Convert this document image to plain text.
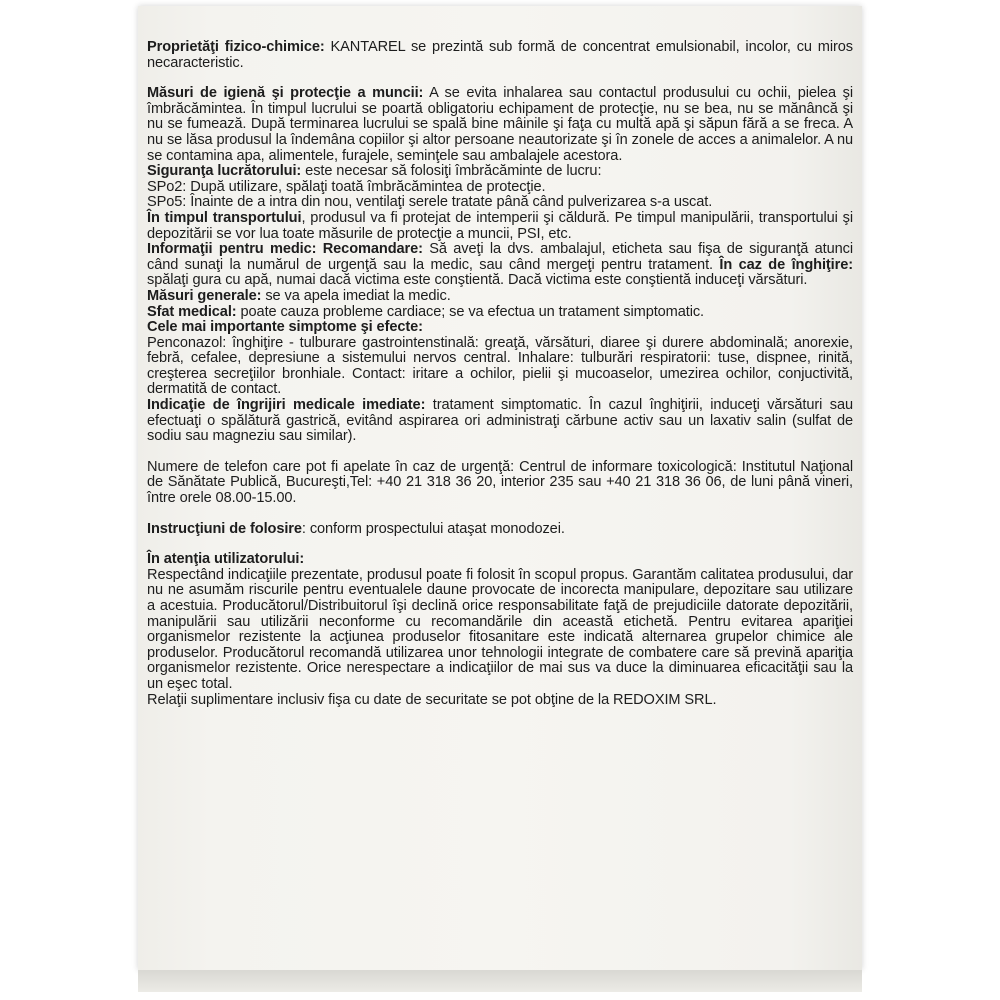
Proprietăţi fizico-chimice: KANTAREL se prezintă sub formă de concentrat emulsionabil, incolor, cu miros necaracteristic.

Măsuri de igienă şi protecţie a muncii: A se evita inhalarea sau contactul produsului cu ochii, pielea şi îmbrăcămintea. În timpul lucrului se poartă obligatoriu echipament de protecţie, nu se bea, nu se mănâncă şi nu se fumează. După terminarea lucrului se spală bine mâinile şi faţa cu multă apă şi săpun fără a se freca. A nu se lăsa produsul la îndemâna copiilor şi altor persoane neautorizate şi în zonele de acces a animalelor. A nu se contamina apa, alimentele, furajele, seminţele sau ambalajele acestora.

Siguranţa lucrătorului: este necesar să folosiţi îmbrăcăminte de lucru:

SPo2: După utilizare, spălaţi toată îmbrăcămintea de protecţie.

SPo5: Înainte de a intra din nou, ventilaţi serele tratate până când pulverizarea s-a uscat.

În timpul transportului, produsul va fi protejat de intemperii şi căldură. Pe timpul manipulării, transportului şi depozitării se vor lua toate măsurile de protecţie a muncii, PSI, etc.

Informaţii pentru medic: Recomandare: Să aveţi la dvs. ambalajul, eticheta sau fişa de siguranţă atunci când sunaţi la numărul de urgenţă sau la medic, sau când mergeţi pentru tratament. În caz de înghiţire: spălaţi gura cu apă, numai dacă victima este conştientă. Dacă victima este conştientă induceţi vărsături.

Măsuri generale: se va apela imediat la medic.

Sfat medical: poate cauza probleme cardiace; se va efectua un tratament simptomatic.

Cele mai importante simptome şi efecte:

Penconazol: înghiţire - tulburare gastrointenstinală: greaţă, vărsături, diaree şi durere abdominală; anorexie, febră, cefalee, depresiune a sistemului nervos central. Inhalare: tulburări respiratorii: tuse, dispnee, rinită, creşterea secreţiilor bronhiale. Contact: iritare a ochilor, pielii şi mucoaselor, umezirea ochilor, conjuctivită, dermatită de contact.

Indicaţie de îngrijiri medicale imediate: tratament simptomatic. În cazul înghiţirii, induceţi vărsături sau efectuaţi o spălătură gastrică, evitând aspirarea ori administraţi cărbune activ sau un laxativ salin (sulfat de sodiu sau magneziu sau similar).

Numere de telefon care pot fi apelate în caz de urgenţă: Centrul de informare toxicologică: Institutul Naţional de Sănătate Publică, Bucureşti,Tel: +40 21 318 36 20, interior 235 sau +40 21 318 36 06, de luni până vineri, între orele 08.00-15.00.

Instrucţiuni de folosire: conform prospectului ataşat monodozei.

În atenţia utilizatorului:

Respectând indicaţiile prezentate, produsul poate fi folosit în scopul propus. Garantăm calitatea produsului, dar nu ne asumăm riscurile pentru eventualele daune provocate de incorecta manipulare, depozitare sau utilizare a acestuia. Producătorul/Distribuitorul îşi declină orice responsabilitate faţă de prejudiciile datorate depozitării, manipulării sau utilizării neconforme cu recomandările din această etichetă. Pentru evitarea apariţiei organismelor rezistente la acţiunea produselor fitosanitare este indicată alternarea grupelor chimice ale produselor. Producătorul recomandă utilizarea unor tehnologii integrate de combatere care să prevină apariţia organismelor rezistente. Orice nerespectare a indicaţiilor de mai sus va duce la diminuarea eficacităţii sau la un eşec total.

Relaţii suplimentare inclusiv fişa cu date de securitate se pot obţine de la REDOXIM SRL.
